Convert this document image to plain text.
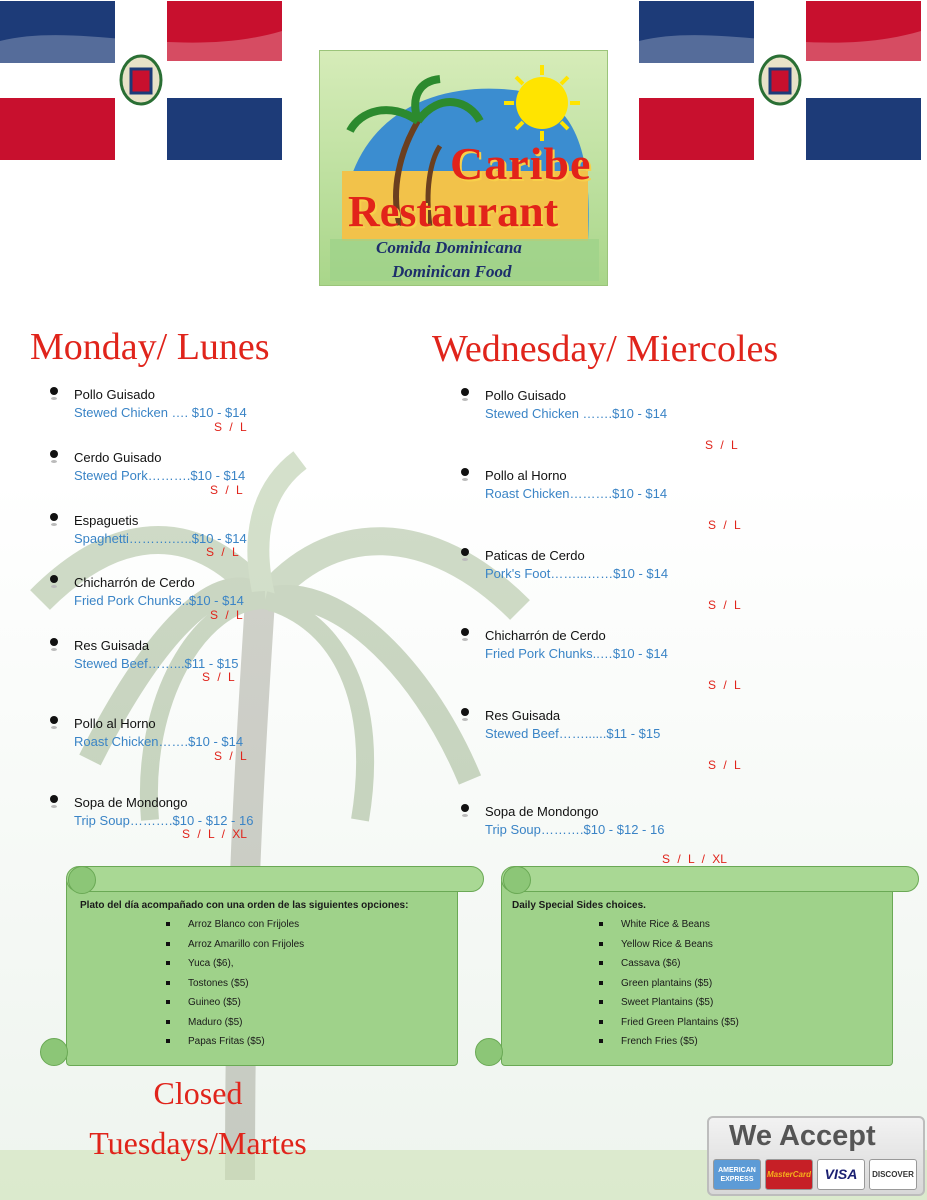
Caribe
Restaurant
Comida Dominicana
Dominican Food
Monday/ Lunes	Wednesday/ Miercoles
Pollo Guisado
Stewed Chicken …. $10 - $14
S / L
Cerdo Guisado
Stewed Pork……….$10 - $14
S / L
Espaguetis
Spaghetti……….…..$10 - $14
S / L
Chicharrón de Cerdo
Fried Pork Chunks..$10 - $14
S / L
Res Guisada
Stewed Beef……...$11 - $15
S / L
Pollo al Horno
Roast Chicken…….$10 - $14
S / L
Sopa de Mondongo
Trip Soup……….$10 - $12 - 16
S / L / XL
Pollo Guisado
Stewed Chicken …….$10 - $14
S / L
Pollo al Horno
Roast Chicken……….$10 - $14
S / L
Paticas de Cerdo
Pork's Foot……...……$10 - $14
S / L
Chicharrón de Cerdo
Fried Pork Chunks..…$10 - $14
S / L
Res Guisada
Stewed Beef……......$11 - $15
S / L
Sopa de Mondongo
Trip Soup……….$10 - $12 - 16
S / L / XL
Plato del día acompañado con una orden de las siguientes opciones:
Arroz Blanco con Frijoles
Arroz Amarillo con Frijoles
Yuca ($6),
Tostones ($5)
Guineo ($5)
Maduro ($5)
Papas Fritas ($5)
Daily Special Sides choices.
White Rice & Beans
Yellow Rice & Beans
Cassava ($6)
Green plantains ($5)
Sweet Plantains ($5)
Fried Green Plantains ($5)
French Fries ($5)
Closed
Tuesdays/Martes	We Accept
AMERICAN EXPRESS	MasterCard VISA	DISCOVER
